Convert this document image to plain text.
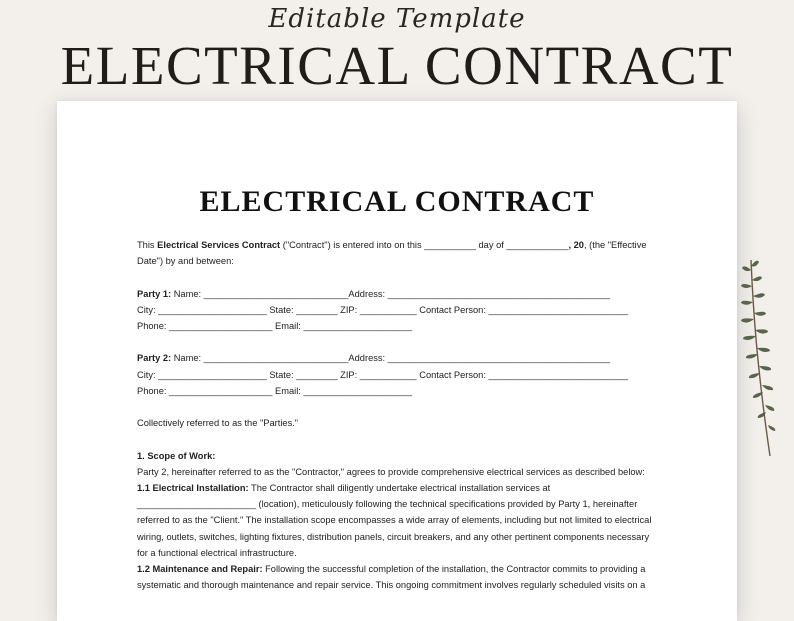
Editable Template
ELECTRICAL CONTRACT
ELECTRICAL CONTRACT

This Electrical Services Contract ("Contract") is entered into on this __________ day of ____________, 20, (the "Effective Date") by and between:

Party 1: Name: ____________________________Address: ___________________________________________

City: _____________________ State: ________ ZIP: ___________ Contact Person: ___________________________

Phone: ____________________ Email: _____________________

Party 2: Name: ____________________________Address: ___________________________________________

City: _____________________ State: ________ ZIP: ___________ Contact Person: ___________________________

Phone: ____________________ Email: _____________________

Collectively referred to as the "Parties."

1. Scope of Work:

Party 2, hereinafter referred to as the "Contractor," agrees to provide comprehensive electrical services as described below:

1.1 Electrical Installation: The Contractor shall diligently undertake electrical installation services at _______________________ (location), meticulously following the technical specifications provided by Party 1, hereinafter referred to as the "Client." The installation scope encompasses a wide array of elements, including but not limited to electrical wiring, outlets, switches, lighting fixtures, distribution panels, circuit breakers, and any other pertinent components necessary for a functional electrical infrastructure.

1.2 Maintenance and Repair: Following the successful completion of the installation, the Contractor commits to providing a systematic and thorough maintenance and repair service. This ongoing commitment involves regularly scheduled visits on a
